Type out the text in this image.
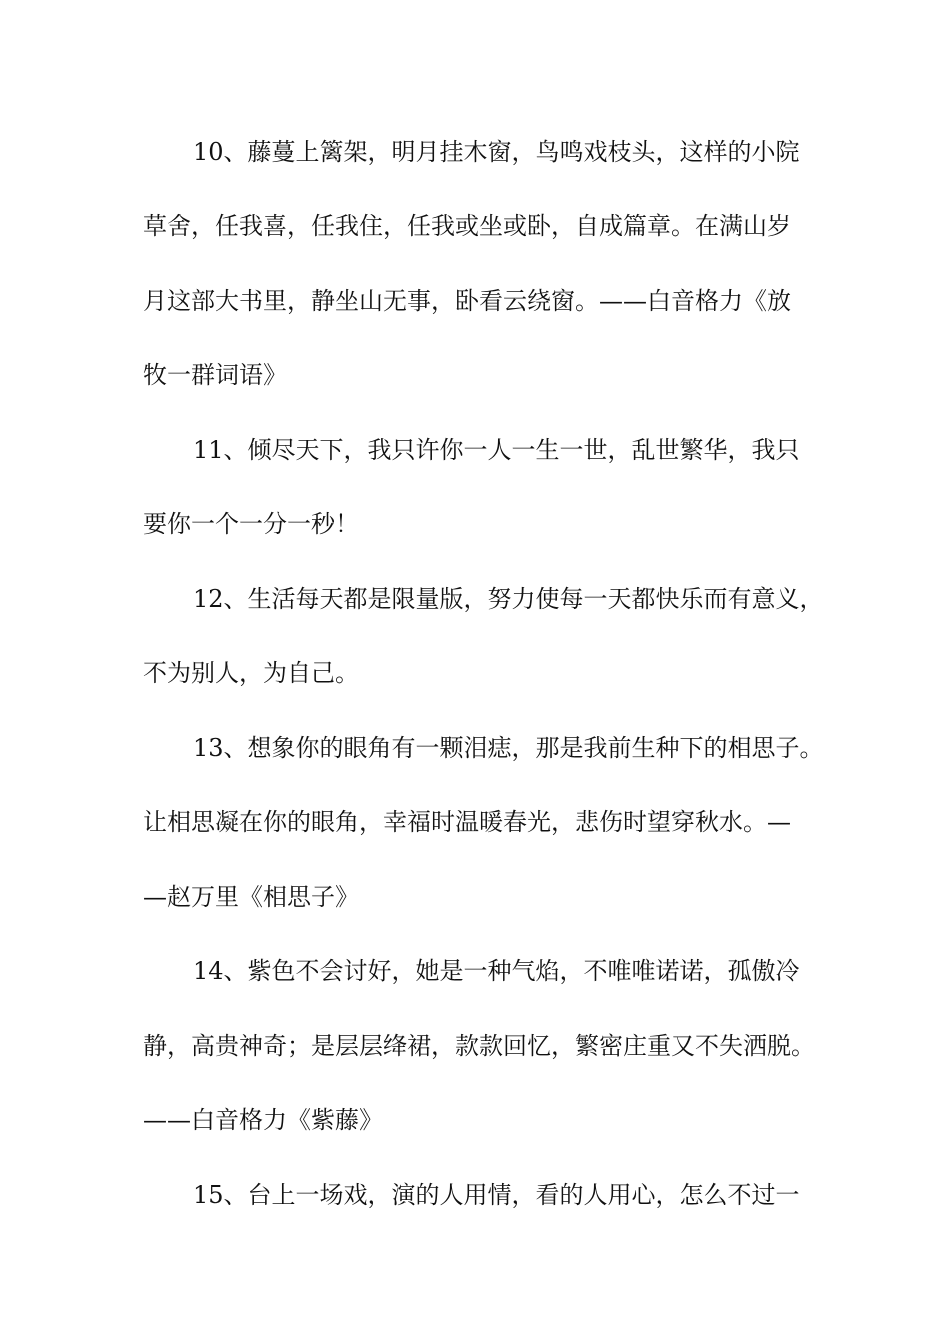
10、藤蔓上篱架，明月挂木窗，鸟鸣戏枝头，这样的小院
草舍，任我喜，任我住，任我或坐或卧，自成篇章。在满山岁
月这部大书里，静坐山无事，卧看云绕窗。——白音格力《放
牧一群词语》
11、倾尽天下，我只许你一人一生一世，乱世繁华，我只
要你一个一分一秒！
12、生活每天都是限量版，努力使每一天都快乐而有意义，
不为别人，为自己。
13、想象你的眼角有一颗泪痣，那是我前生种下的相思子。
让相思凝在你的眼角，幸福时温暖春光，悲伤时望穿秋水。—
—赵万里《相思子》
14、紫色不会讨好，她是一种气焰，不唯唯诺诺，孤傲冷
静，高贵神奇；是层层绛裙，款款回忆，繁密庄重又不失洒脱。
——白音格力《紫藤》
15、台上一场戏，演的人用情，看的人用心，怎么不过一
